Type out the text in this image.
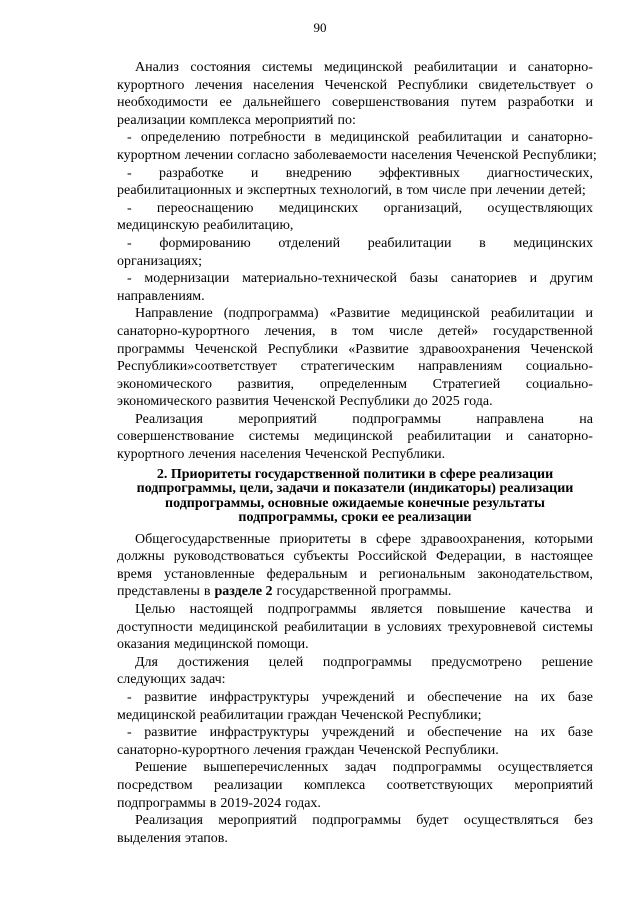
90
Анализ состояния системы медицинской реабилитации и санаторно-
курортного лечения населения Чеченской Республики свидетельствует о
необходимости ее дальнейшего совершенствования путем разработки и
реализации комплекса мероприятий по:
- определению потребности в медицинской реабилитации и санаторно-
курортном лечении согласно заболеваемости населения Чеченской Республики;
- разработке и внедрению эффективных диагностических,
реабилитационных и экспертных технологий, в том числе при лечении детей;
- переоснащению медицинских организаций, осуществляющих
медицинскую реабилитацию,
- формированию отделений реабилитации в медицинских
организациях;
- модернизации материально-технической базы санаториев и другим
направлениям.
Направление (подпрограмма) «Развитие медицинской реабилитации и
санаторно-курортного лечения, в том числе детей» государственной
программы Чеченской Республики «Развитие здравоохранения Чеченской
Республики»соответствует стратегическим направлениям социально-
экономического развития, определенным Стратегией социально-
экономического развития Чеченской Республики до 2025 года.
Реализация	мероприятий	подпрограммы	направлена	на
совершенствование системы медицинской реабилитации и санаторно-
курортного лечения населения Чеченской Республики.
2. Приоритеты государственной политики в сфере реализации
подпрограммы, цели, задачи и показатели (индикаторы) реализации
подпрограммы, основные ожидаемые конечные результаты
подпрограммы, сроки ее реализации
Общегосударственные приоритеты в сфере здравоохранения, которыми
должны руководствоваться субъекты Российской Федерации, в настоящее
время установленные федеральным и региональным законодательством,
представлены в разделе 2 государственной программы.
Целью настоящей подпрограммы является повышение качества и
доступности медицинской реабилитации в условиях трехуровневой системы
оказания медицинской помощи.
Для достижения целей подпрограммы предусмотрено решение
следующих задач:
- развитие инфраструктуры учреждений и обеспечение на их базе
медицинской реабилитации граждан Чеченской Республики;
- развитие инфраструктуры учреждений и обеспечение на их базе
санаторно-курортного лечения граждан Чеченской Республики.
Решение вышеперечисленных задач подпрограммы осуществляется
посредством реализации комплекса соответствующих мероприятий
подпрограммы в 2019-2024 годах.
Реализация мероприятий подпрограммы будет осуществляться без
выделения этапов.
